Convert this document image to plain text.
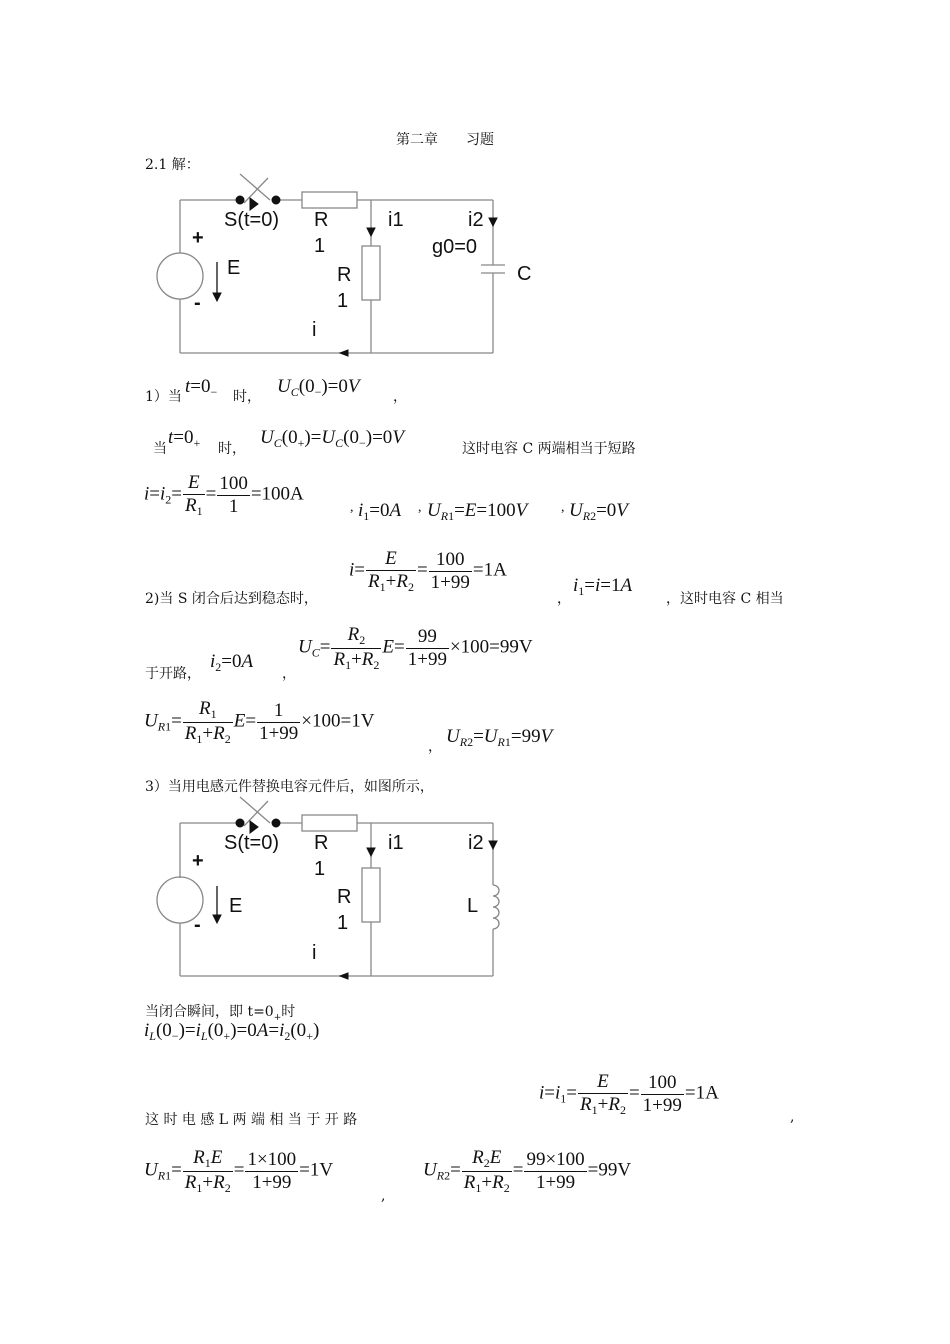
第二章　　习题
2.1 解：
S(t=0) R
1
i1	i2
g0=0
+
-
E	R
1
i
C
1）当 $t=0_-$ 时， $U_C(0_-)=0V$ ，
当
$t=0_+$ 时，
$U_C(0_+)=U_C(0_-)=0V$
这时电容 C 两端相当于短路
$i=i_2= \frac{E}{R_1} = \frac{100}{1} =100A$
, $i_1=0A$ , $U_{R1}=E=100V$ , $U_{R2}=0V$
2)当 S 闭合后达到稳态时，
$i= \frac{E}{R_1+R_2} = \frac{100}{1+99} =1A$
，
$i_1=i=1A$
，这时电容 C 相当
于开路，
$i_2=0A$
，
$U_C= \frac{R_2}{R_1+R_2} E= \frac{99}{1+99} \times 100=99V$
$U_{R1}= \frac{R_1}{R_1+R_2} E= \frac{1}{1+99} \times 100=1V$
， $U_{R2}=U_{R1}=99V$
3）当用电感元件替换电容元件后，如图所示，
S(t=0) R
1
i1	i2
+
-
E	R
1
i
L
当闭合瞬间，即 $t=0_+$时
$i_L(0_-)=i_L(0_+)=0A=i_2(0_+)$
这 时 电 感 L 两 端 相 当 于 开 路
$i=i_1= \frac{E}{R_1+R_2} = \frac{100}{1+99} =1A$
,
$U_{R1}= \frac{R_1E}{R_1+R_2} = \frac{1\times 100}{1+99} =1V$
,
$U_{R2}= \frac{R_2E}{R_1+R_2} = \frac{99\times 100}{1+99} =99V$
